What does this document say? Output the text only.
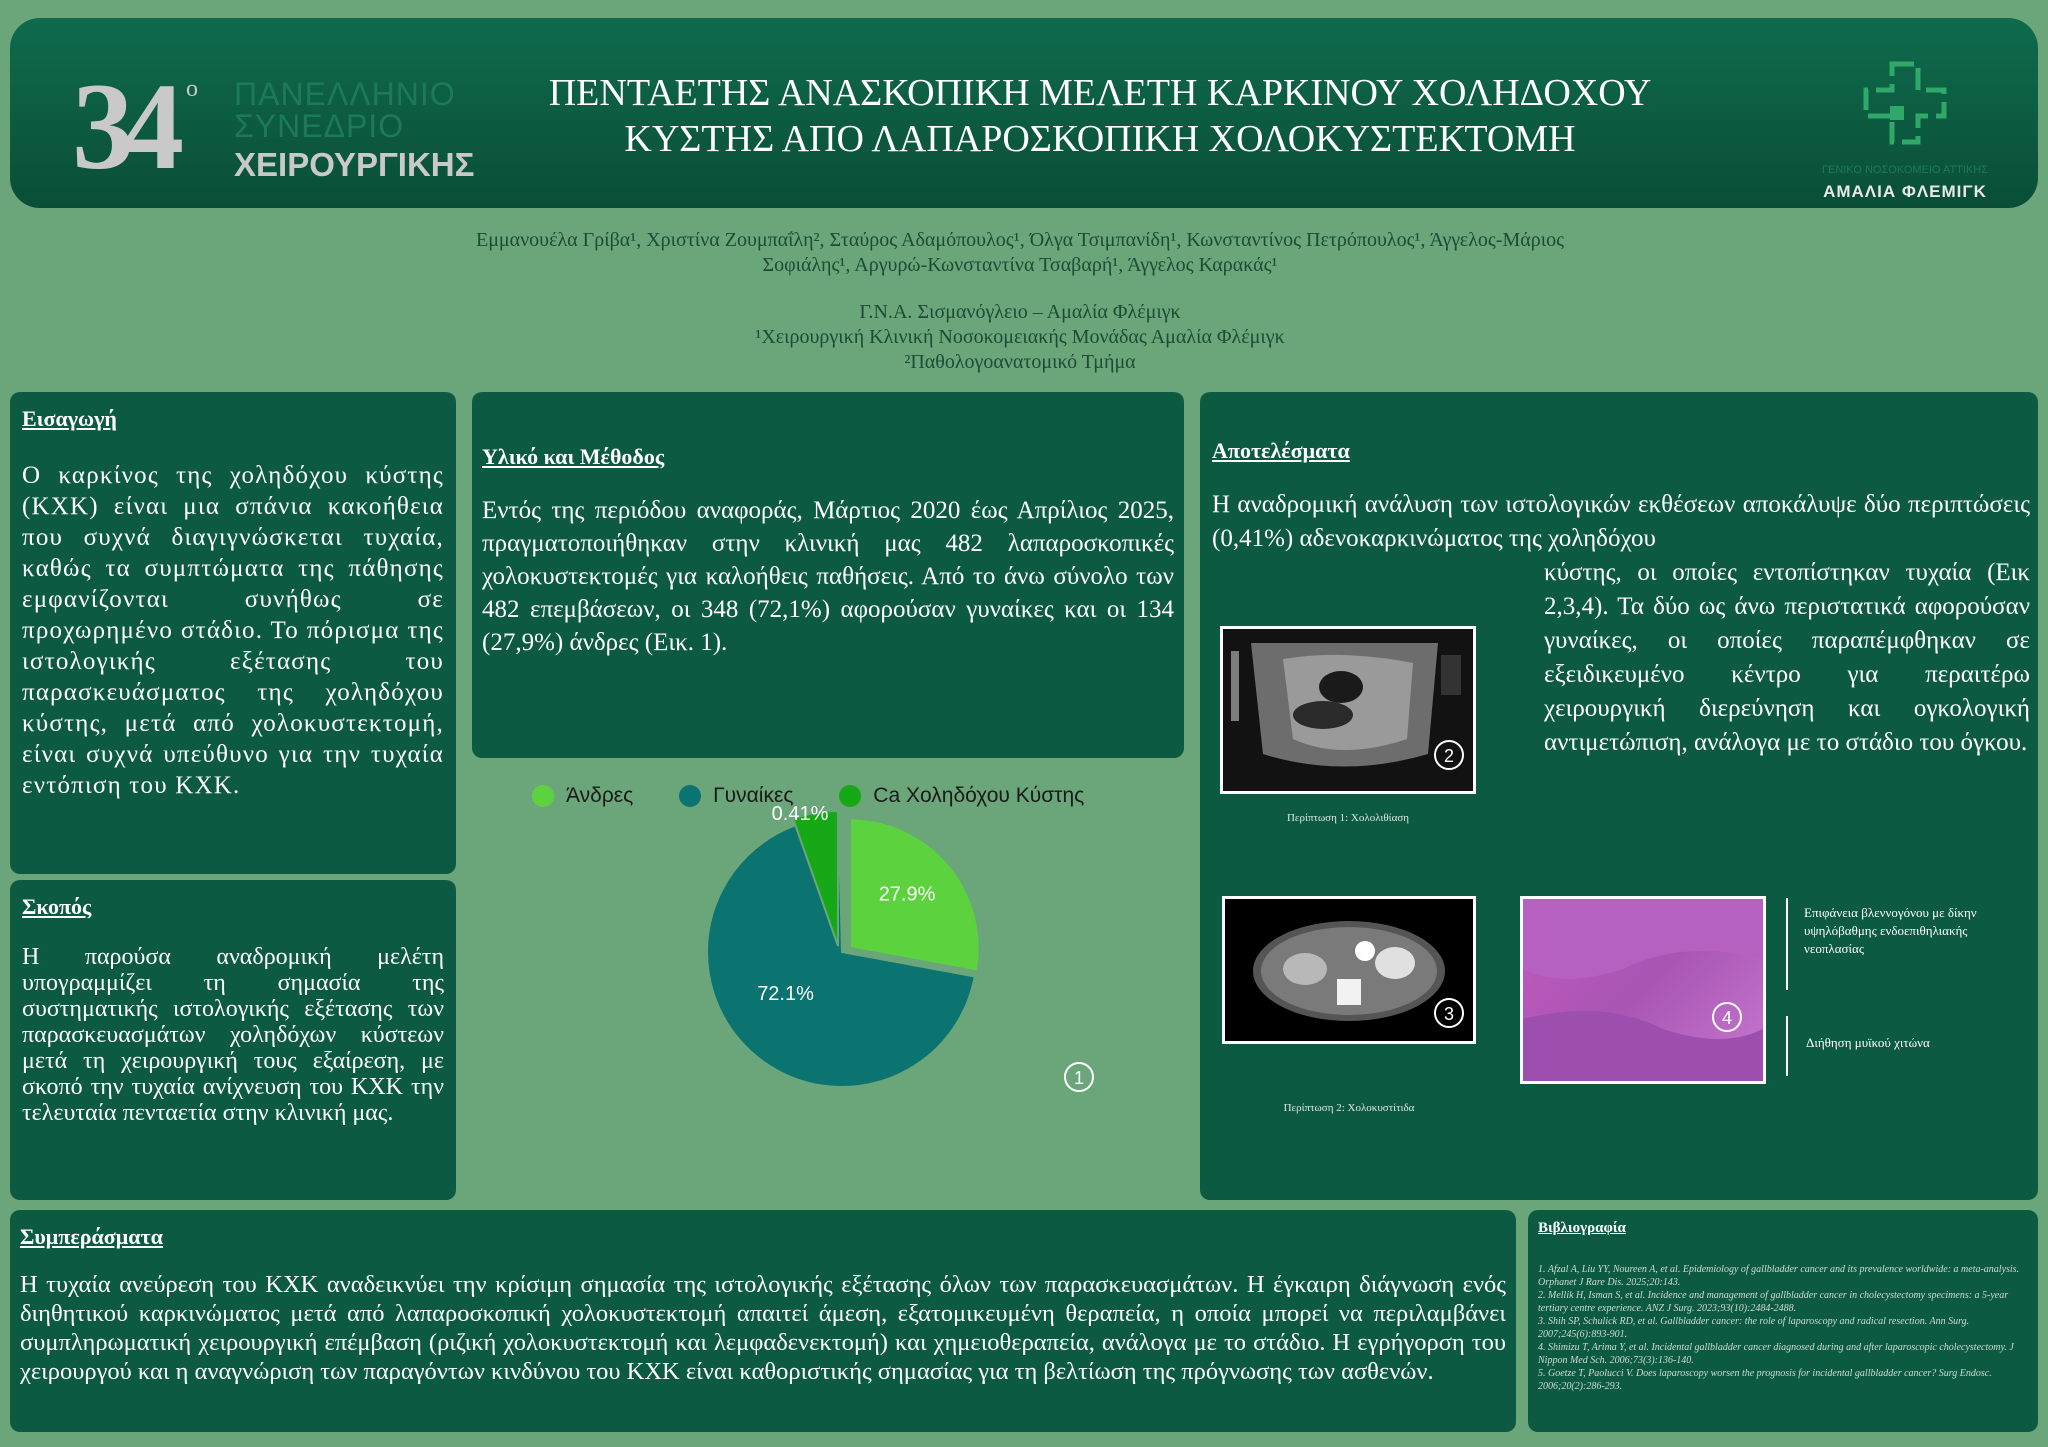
34 o ΠΑΝΕΛΛΗΝΙΟ
ΣΥΝΕΔΡΙΟ
ΧΕΙΡΟΥΡΓΙΚΗΣ
ΠΕΝΤΑΕΤΗΣ ΑΝΑΣΚΟΠΙΚΗ ΜΕΛΕΤΗ ΚΑΡΚΙΝΟΥ ΧΟΛΗΔΟΧΟΥ
ΚΥΣΤΗΣ ΑΠΟ ΛΑΠΑΡΟΣΚΟΠΙΚΗ ΧΟΛΟΚΥΣΤΕΚΤΟΜΗ
ΓΕΝΙΚΟ ΝΟΣΟΚΟΜΕΙΟ ΑΤΤΙΚΗΣ
ΑΜΑΛΙΑ ΦΛΕΜΙΓΚ
Εμμανουέλα Γρίβα¹, Χριστίνα Ζουμπαΐλη², Σταύρος Αδαμόπουλος¹, Όλγα Τσιμπανίδη¹, Κωνσταντίνος Πετρόπουλος¹, Άγγελος-Μάριος
Σοφιάλης¹, Αργυρώ-Κωνσταντίνα Τσαβαρή¹, Άγγελος Καρακάς¹
Γ.Ν.Α. Σισμανόγλειο – Αμαλία Φλέμιγκ
¹Χειρουργική Κλινική Νοσοκομειακής Μονάδας Αμαλία Φλέμιγκ
²Παθολογοανατομικό Τμήμα
Εισαγωγή
Ο καρκίνος της χοληδόχου κύστης (ΚΧΚ) είναι μια σπάνια κακοήθεια που συχνά διαγιγνώσκεται τυχαία, καθώς τα συμπτώματα της πάθησης εμφανίζονται συνήθως σε προχωρημένο στάδιο. Το πόρισμα της ιστολογικής εξέτασης του παρασκευάσματος της χοληδόχου κύστης, μετά από χολοκυστεκτομή, είναι συχνά υπεύθυνο για την τυχαία εντόπιση του ΚΧΚ.
Σκοπός
Η παρούσα αναδρομική μελέτη υπογραμμίζει τη σημασία της συστηματικής ιστολογικής εξέτασης των παρασκευασμάτων χοληδόχων κύστεων μετά τη χειρουργική τους εξαίρεση, με σκοπό την τυχαία ανίχνευση του ΚΧΚ την τελευταία πενταετία στην κλινική μας.
Υλικό και Μέθοδος
Εντός της περιόδου αναφοράς, Μάρτιος 2020 έως Απρίλιος 2025, πραγματοποιήθηκαν στην κλινική μας 482 λαπαροσκοπικές χολοκυστεκτομές για καλοήθεις παθήσεις. Από το άνω σύνολο των 482 επεμβάσεων, οι 348 (72,1%) αφορούσαν γυναίκες και οι 134 (27,9%) άνδρες (Εικ. 1).
Άνδρες	Γυναίκες	Ca Χοληδόχου Κύστης
27.9%
72.1%
0.41%
1
Αποτελέσματα
Η αναδρομική ανάλυση των ιστολογικών εκθέσεων αποκάλυψε δύο περιπτώσεις (0,41%) αδενοκαρκινώματος της χοληδόχου
κύστης, οι οποίες εντοπίστηκαν τυχαία (Εικ 2,3,4). Τα δύο ως άνω περιστατικά αφορούσαν γυναίκες, οι οποίες παραπέμφθηκαν σε εξειδικευμένο κέντρο για περαιτέρω χειρουργική διερεύνηση και ογκολογική αντιμετώπιση, ανάλογα με το στάδιο του όγκου.
2
Περίπτωση 1: Χολολιθίαση
3
Περίπτωση 2: Χολοκυστίτιδα
4
Επιφάνεια βλεννογόνου με δίκην υψηλόβαθμης ενδοεπιθηλιακής νεοπλασίας
Διήθηση μυϊκού χιτώνα
Συμπεράσματα
Η τυχαία ανεύρεση του ΚΧΚ αναδεικνύει την κρίσιμη σημασία της ιστολογικής εξέτασης όλων των παρασκευασμάτων. Η έγκαιρη διάγνωση ενός διηθητικού καρκινώματος μετά από λαπαροσκοπική χολοκυστεκτομή απαιτεί άμεση, εξατομικευμένη θεραπεία, η οποία μπορεί να περιλαμβάνει συμπληρωματική χειρουργική επέμβαση (ριζική χολοκυστεκτομή και λεμφαδενεκτομή) και χημειοθεραπεία, ανάλογα με το στάδιο. Η εγρήγορση του χειρουργού και η αναγνώριση των παραγόντων κινδύνου του ΚΧΚ είναι καθοριστικής σημασίας για τη βελτίωση της πρόγνωσης των ασθενών.
Βιβλιογραφία
1. Afzal A, Liu YY, Noureen A, et al. Epidemiology of gallbladder cancer and its prevalence worldwide: a meta-analysis. Orphanet J Rare Dis. 2025;20:143.
2. Mellik H, Isman S, et al. Incidence and management of gallbladder cancer in cholecystectomy specimens: a 5-year tertiary centre experience. ANZ J Surg. 2023;93(10):2484-2488.
3. Shih SP, Schulick RD, et al. Gallbladder cancer: the role of laparoscopy and radical resection. Ann Surg. 2007;245(6):893-901.
4. Shimizu T, Arima Y, et al. Incidental gallbladder cancer diagnosed during and after laparoscopic cholecystectomy. J Nippon Med Sch. 2006;73(3):136-140.
5. Goetze T, Paolucci V. Does laparoscopy worsen the prognosis for incidental gallbladder cancer? Surg Endosc. 2006;20(2):286-293.
